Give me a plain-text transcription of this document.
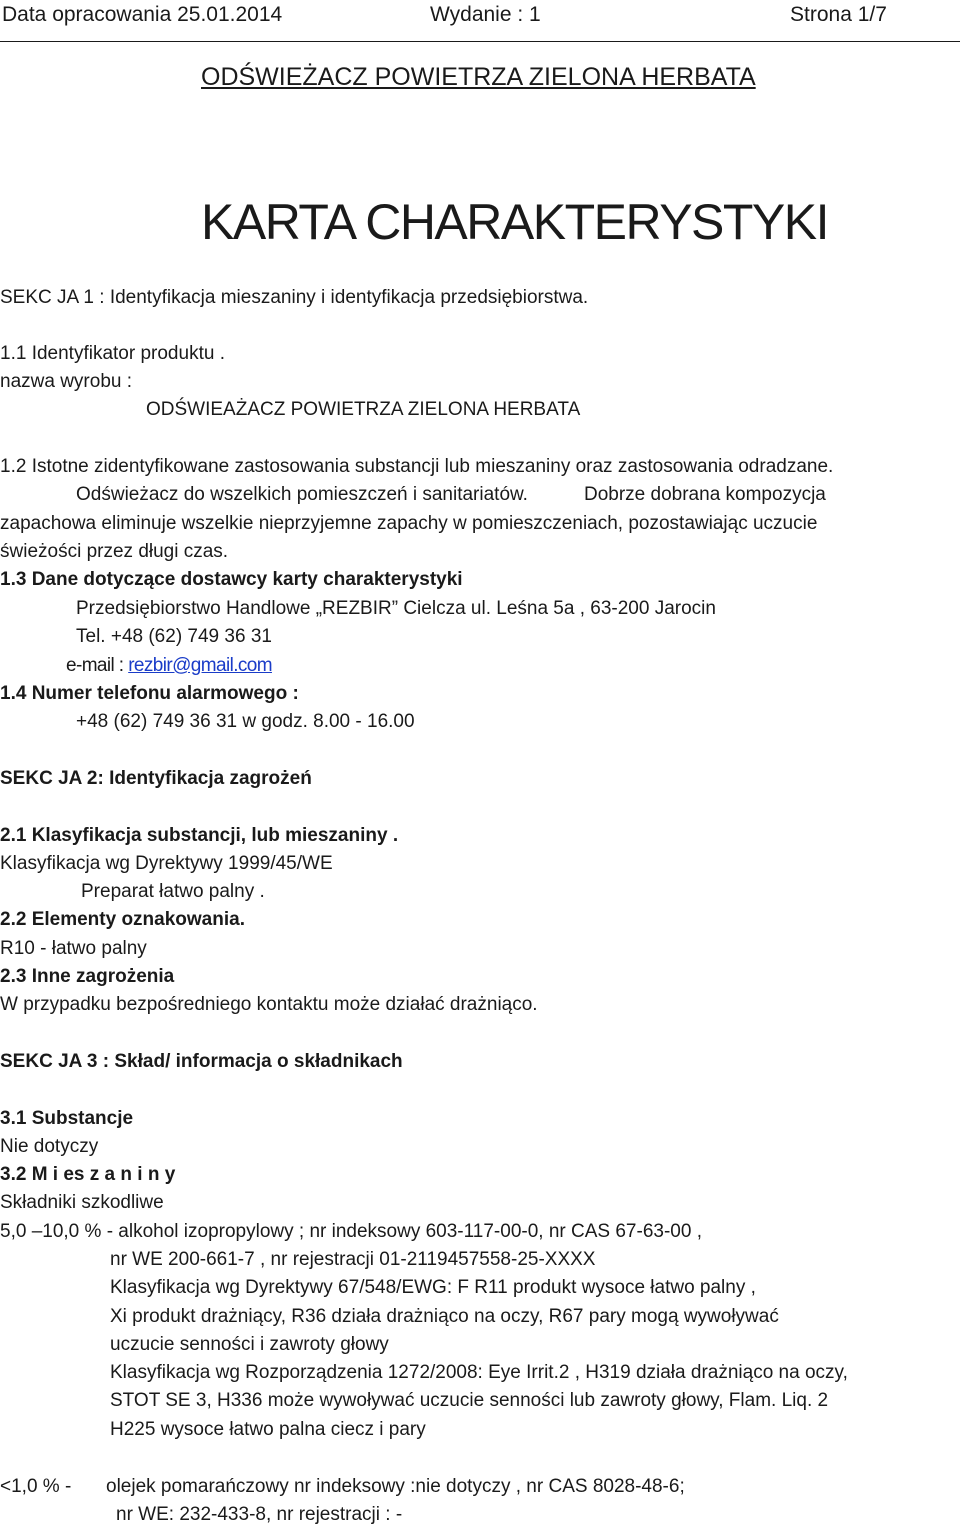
Data opracowania 25.01.2014	Wydanie : 1	Strona 1/7
ODŚWIEŻACZ POWIETRZA ZIELONA HERBATA
KARTA CHARAKTERYSTYKI
SEKC JA 1 : Identyfikacja mieszaniny i identyfikacja przedsiębiorstwa.
1.1 Identyfikator produktu .
nazwa wyrobu :
ODŚWIEAŻACZ POWIETRZA ZIELONA HERBATA
1.2 Istotne zidentyfikowane zastosowania substancji lub mieszaniny oraz zastosowania odradzane.
Odświeżacz do wszelkich pomieszczeń i sanitariatów.	Dobrze dobrana kompozycja
zapachowa eliminuje wszelkie nieprzyjemne zapachy w pomieszczeniach, pozostawiając uczucie
świeżości przez długi czas.
1.3 Dane dotyczące dostawcy karty charakterystyki
Przedsiębiorstwo Handlowe „REZBIR” Cielcza ul. Leśna 5a , 63-200 Jarocin
Tel. +48 (62) 749 36 31
e-mail : rezbir@gmail.com
1.4 Numer telefonu alarmowego :
+48 (62) 749 36 31 w godz. 8.00 - 16.00
SEKC JA 2: Identyfikacja zagrożeń
2.1 Klasyfikacja substancji, lub mieszaniny .
Klasyfikacja wg Dyrektywy 1999/45/WE
Preparat łatwo palny .
2.2 Elementy oznakowania.
R10 - łatwo palny
2.3 Inne zagrożenia
W przypadku bezpośredniego kontaktu może działać drażniąco.
SEKC JA 3 : Skład/ informacja o składnikach
3.1 Substancje
Nie dotyczy
3.2 M i es z a n i n y
Składniki szkodliwe
5,0 –10,0 % - alkohol izopropylowy ; nr indeksowy 603-117-00-0, nr CAS 67-63-00 ,
nr WE 200-661-7 , nr rejestracji 01-2119457558-25-XXXX
Klasyfikacja wg Dyrektywy 67/548/EWG: F R11 produkt wysoce łatwo palny ,
Xi produkt drażniący, R36 działa drażniąco na oczy, R67 pary mogą wywoływać
uczucie senności i zawroty głowy
Klasyfikacja wg Rozporządzenia 1272/2008: Eye Irrit.2 , H319 działa drażniąco na oczy,
STOT SE 3, H336 może wywoływać uczucie senności lub zawroty głowy, Flam. Liq. 2
H225 wysoce łatwo palna ciecz i pary
<1,0 % - olejek pomarańczowy nr indeksowy :nie dotyczy , nr CAS 8028-48-6;
nr WE: 232-433-8, nr rejestracji : -
